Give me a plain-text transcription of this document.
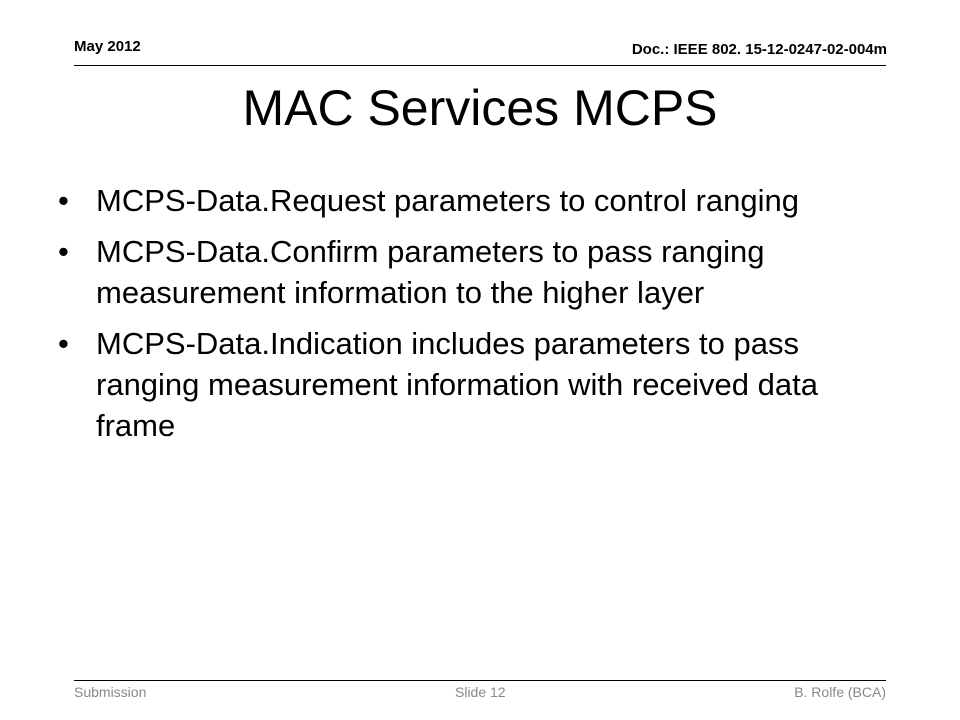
May 2012	Doc.: IEEE 802. 15-12-0247-02-004m
MAC Services MCPS
• MCPS-Data.Request parameters to control ranging
• MCPS-Data.Confirm parameters to pass ranging measurement information to the higher layer
• MCPS-Data.Indication includes parameters to pass ranging measurement information with received data frame
Submission	Slide 12	B. Rolfe (BCA)
